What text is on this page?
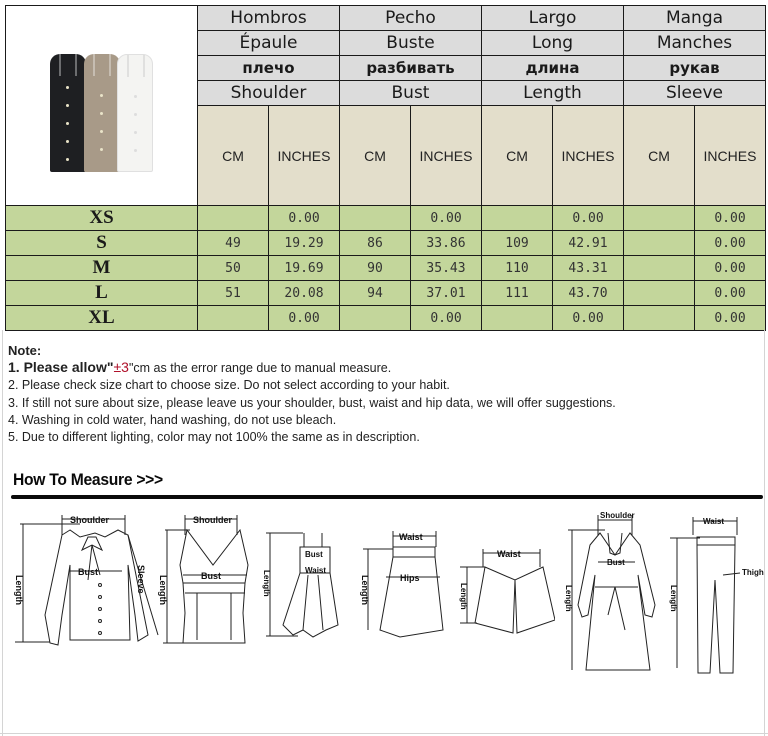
	Hombros		Pecho		Largo		Manga	
	Épaule		Buste		Long		Manches	
	плечо		разбивать		длина		рукав	
	Shoulder		Bust		Length		Sleeve	
	CM	INCHES	CM	INCHES	CM	INCHES	CM	INCHES
XS		0.00		0.00		0.00		0.00
S	49	19.29	86	33.86	109	42.91		0.00
M	50	19.69	90	35.43	110	43.31		0.00
L	51	20.08	94	37.01	111	43.70		0.00
XL		0.00		0.00		0.00		0.00
Note:
1. Please allow"±3"cm as the error range due to manual measure.
2. Please check size chart to choose size. Do not select according to your habit.
3. If still not sure about size, please leave us your shoulder, bust, waist and hip data, we will offer suggestions.
4. Washing in cold water, hand washing, do not use bleach.
5. Due to different lighting, color may not 100% the same as in description.
How To Measure >>>
Shoulder
Length
Bust	Sleeve
Shoulder
Length	Bust	Length
Bust
Waist
Waist
Length	Hips
Waist
Length
Shoulder
Length
Bust
Waist
Length
Thigh
